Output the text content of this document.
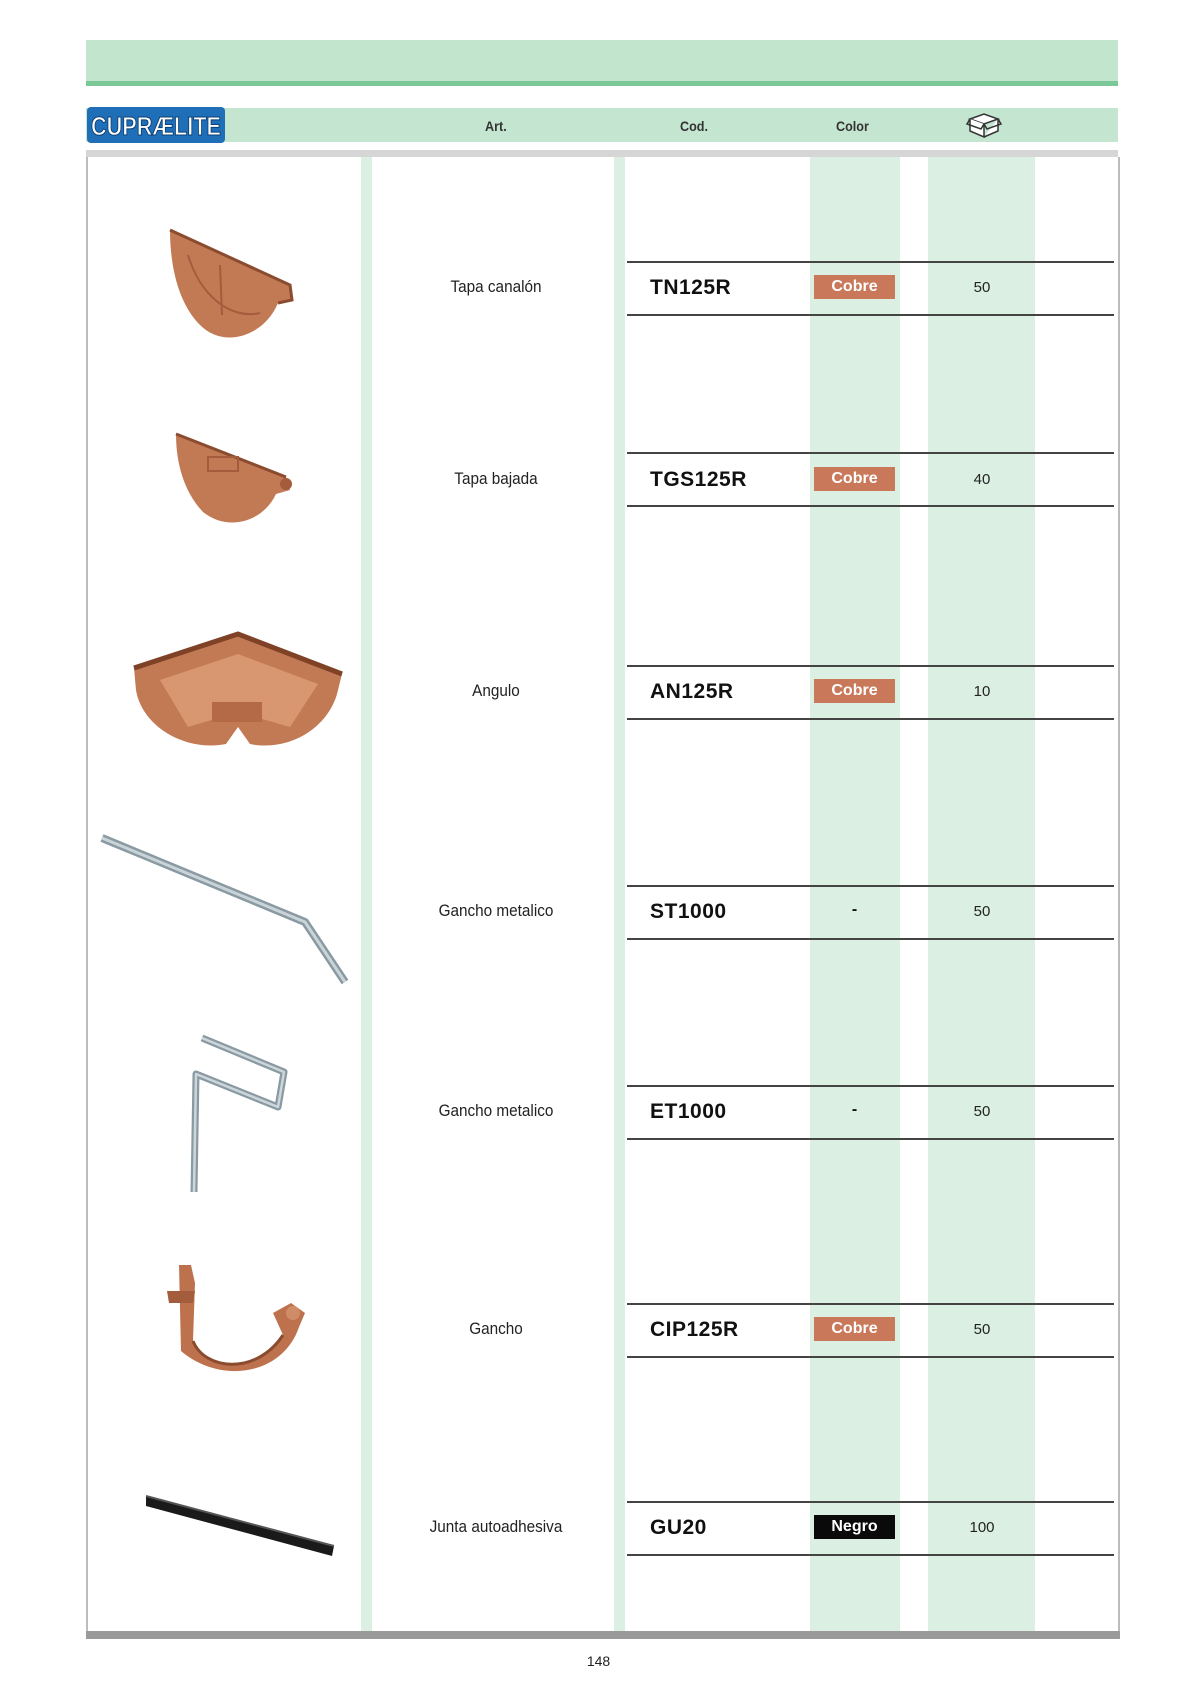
CUPRÆLITE	Art.	Cod.	Color
Tapa canalón	TN125R	Cobre	50
Tapa bajada	TGS125R	Cobre	40
Angulo	AN125R	Cobre	10
Gancho metalico	ST1000	-	50
Gancho metalico	ET1000	-	50
Gancho	CIP125R	Cobre	50
Junta autoadhesiva	GU20	Negro	100
148
